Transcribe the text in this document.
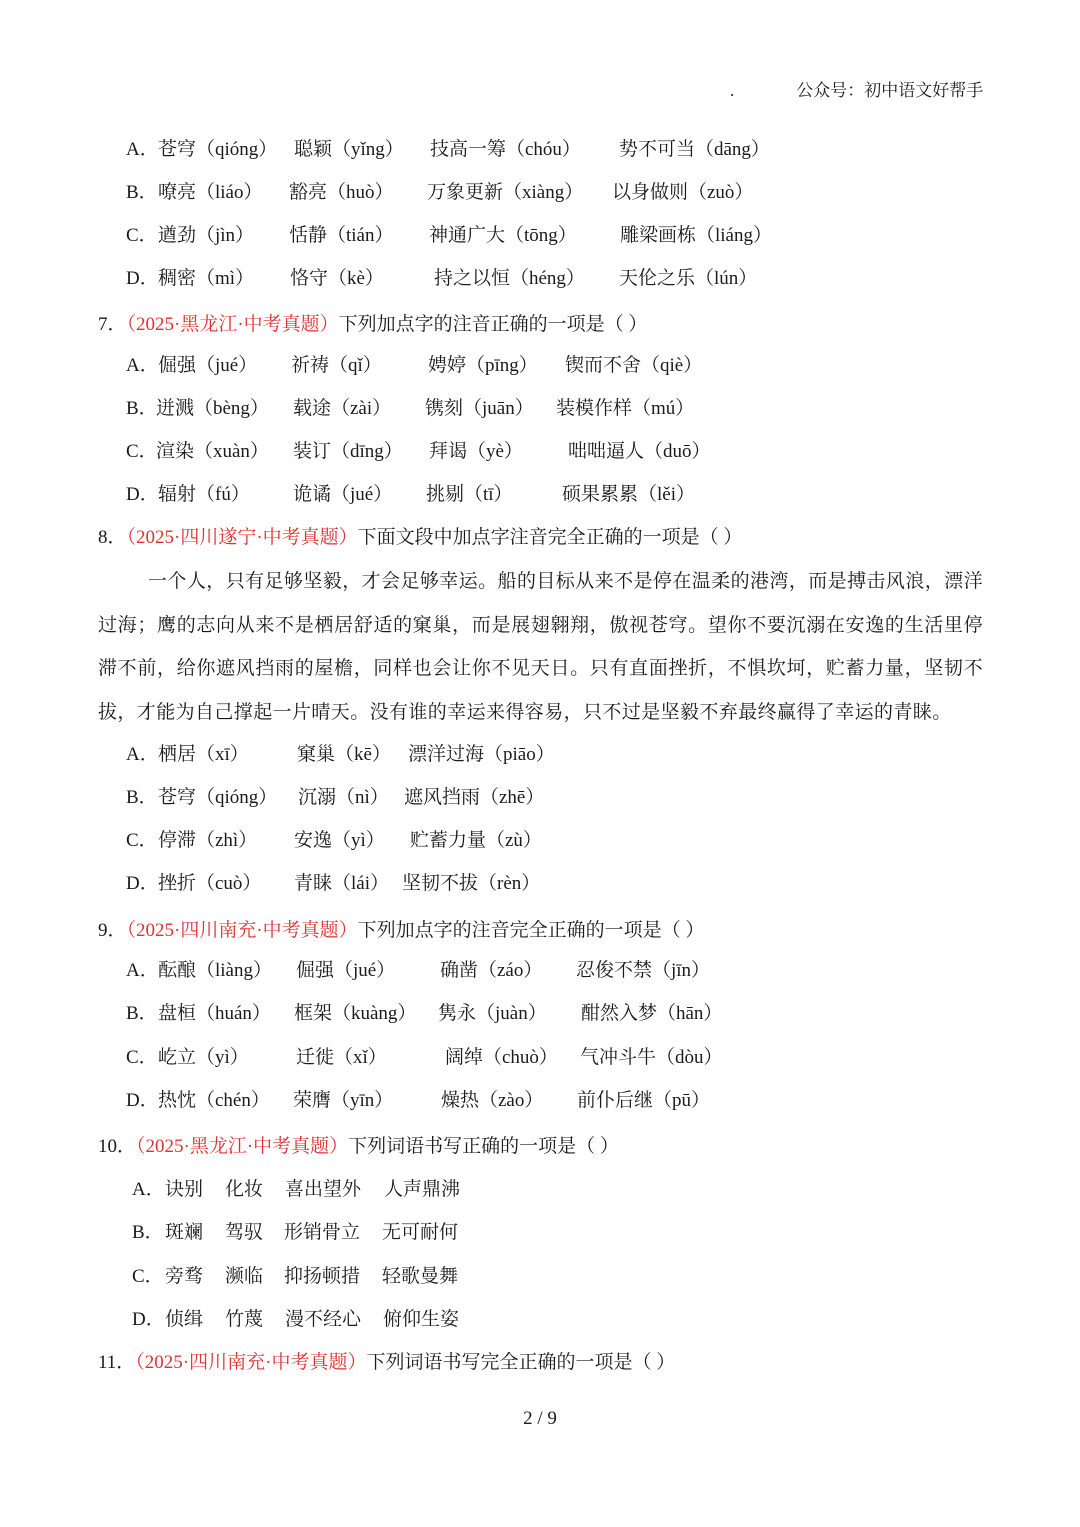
.	公众号：初中语文好帮手
A． 苍穹（qióng） 聪颖（yǐng） 技高一筹（chóu） 势不可当（dāng）
B． 嘹亮（liáo） 豁亮（huò） 万象更新（xiàng） 以身做则（zuò）
C． 遒劲（jìn） 恬静（tián） 神通广大（tōng） 雕梁画栋（liáng）
D． 稠密（mì） 恪守（kè）	持之以恒（héng） 天伦之乐（lún）
7．（2025·黑龙江·中考真题）下列加点字的注音正确的一项是（ ）
A． 倔强（jué） 祈祷（qǐ） 娉婷（pīng） 锲而不舍（qiè）
B．
迸溅（bèng） 载途（zài） 镌刻（juān） 装模作样（mú）
C．
渲染（xuàn） 装订（dīng） 拜谒（yè） 咄咄逼人（duō）
D． 辐射（fú） 诡谲（jué） 挑剔（tī）	硕果累累（lěi）
8．（2025·四川遂宁·中考真题）下面文段中加点字注音完全正确的一项是（ ）
一个人，只有足够坚毅，才会足够幸运。船的目标从来不是停在温柔的港湾，而是搏击风浪，漂洋过海；鹰的志向从来不是栖居舒适的窠巢，而是展翅翱翔，傲视苍穹。望你不要沉溺在安逸的生活里停滞不前，给你遮风挡雨的屋檐，同样也会让你不见天日。只有直面挫折，不惧坎坷，贮蓄力量，坚韧不拔，才能为自己撑起一片晴天。没有谁的幸运来得容易，只不过是坚毅不弃最终赢得了幸运的青睐。
A． 栖居（xī）	窠巢（kē） 漂洋过海（piāo）
B． 苍穹（qióng） 沉溺（nì） 遮风挡雨（zhē）
C． 停滞（zhì） 安逸（yì） 贮蓄力量（zù）
D． 挫折（cuò） 青睐（lái） 坚韧不拔（rèn）
9．（2025·四川南充·中考真题）下列加点字的注音完全正确的一项是（ ）
A． 酝酿（liàng） 倔强（jué） 确凿（záo） 忍俊不禁（jīn）
B． 盘桓（huán） 框架（kuàng） 隽永（juàn） 酣然入梦（hān）
C． 屹立（yì） 迁徙（xǐ）	阔绰（chuò） 气冲斗牛（dòu）
D． 热忱（chén） 荣膺（yīn）	燥热（zào） 前仆后继（pū）
10．（2025·黑龙江·中考真题）下列词语书写正确的一项是（ ）
A． 诀别 化妆 喜出望外 人声鼎沸
B． 斑斓 驾驭 形销骨立 无可耐何
C． 旁骛 濒临 抑扬顿措 轻歌曼舞
D． 侦缉 竹蔑 漫不经心 俯仰生姿
11．（2025·四川南充·中考真题）下列词语书写完全正确的一项是（ ）
2 / 9
